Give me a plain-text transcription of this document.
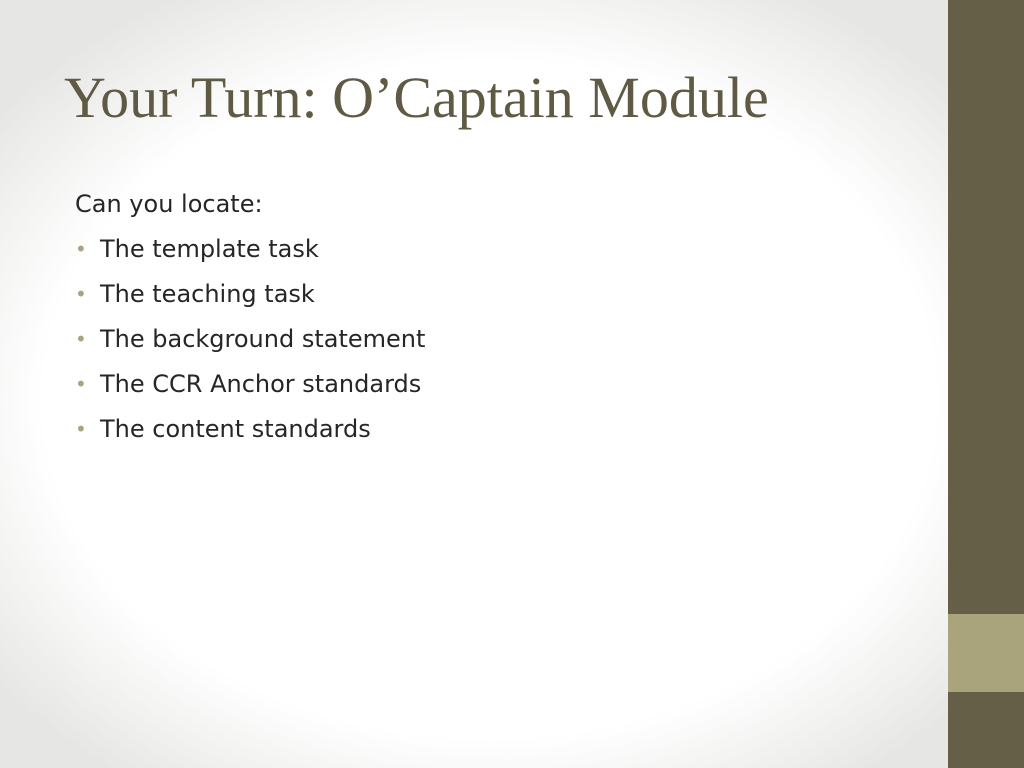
Your Turn: O’Captain Module

Can you locate:

• The template task
• The teaching task
• The background statement
• The CCR Anchor standards
• The content standards
